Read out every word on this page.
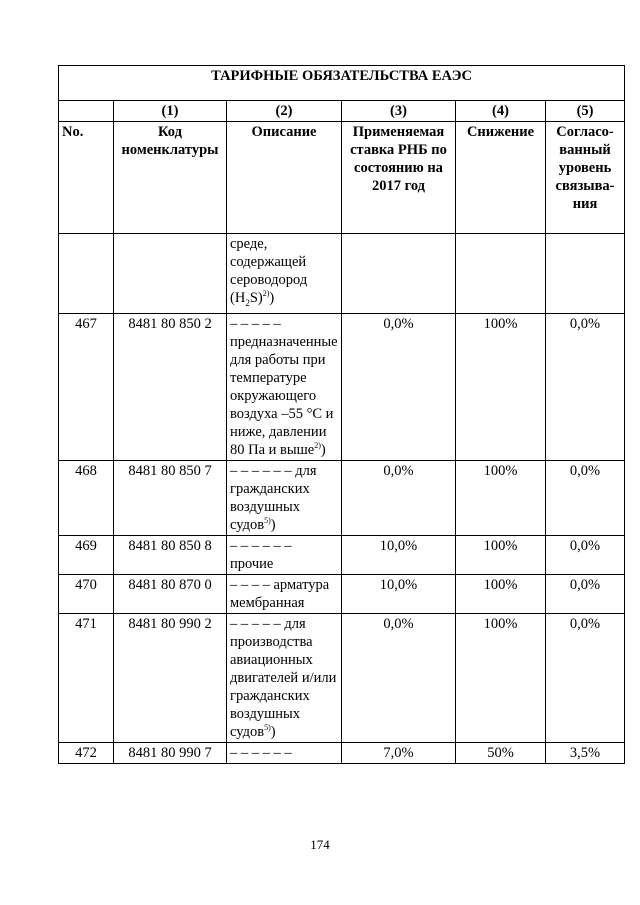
ТАРИФНЫЕ ОБЯЗАТЕЛЬСТВА ЕАЭС					
	(1)	(2)	(3)	(4)	(5)
No.	Код номенклатуры	Описание	Применяемая ставка РНБ по состоянию на 2017 год	Снижение	Согласо-ванный уровень связыва-ния
		среде, содержащей сероводород $(H_2S)^{2)}$)			
467	8481 80 850 2	– – – – – предназначенные для работы при температуре окружающего воздуха –55 °С и ниже, давлении 80 Па и выше$^{2)}$)	0,0%	100%	0,0%
468	8481 80 850 7	– – – – – – для гражданских воздушных судов$^{5)}$)	0,0%	100%	0,0%
469	8481 80 850 8	– – – – – – прочие	10,0%	100%	0,0%
470	8481 80 870 0	– – – – арматура мембранная	10,0%	100%	0,0%
471	8481 80 990 2	– – – – – для производства авиационных двигателей и/или гражданских воздушных судов$^{5)}$)	0,0%	100%	0,0%
472	8481 80 990 7	– – – – – –	7,0%	50%	3,5%
174
